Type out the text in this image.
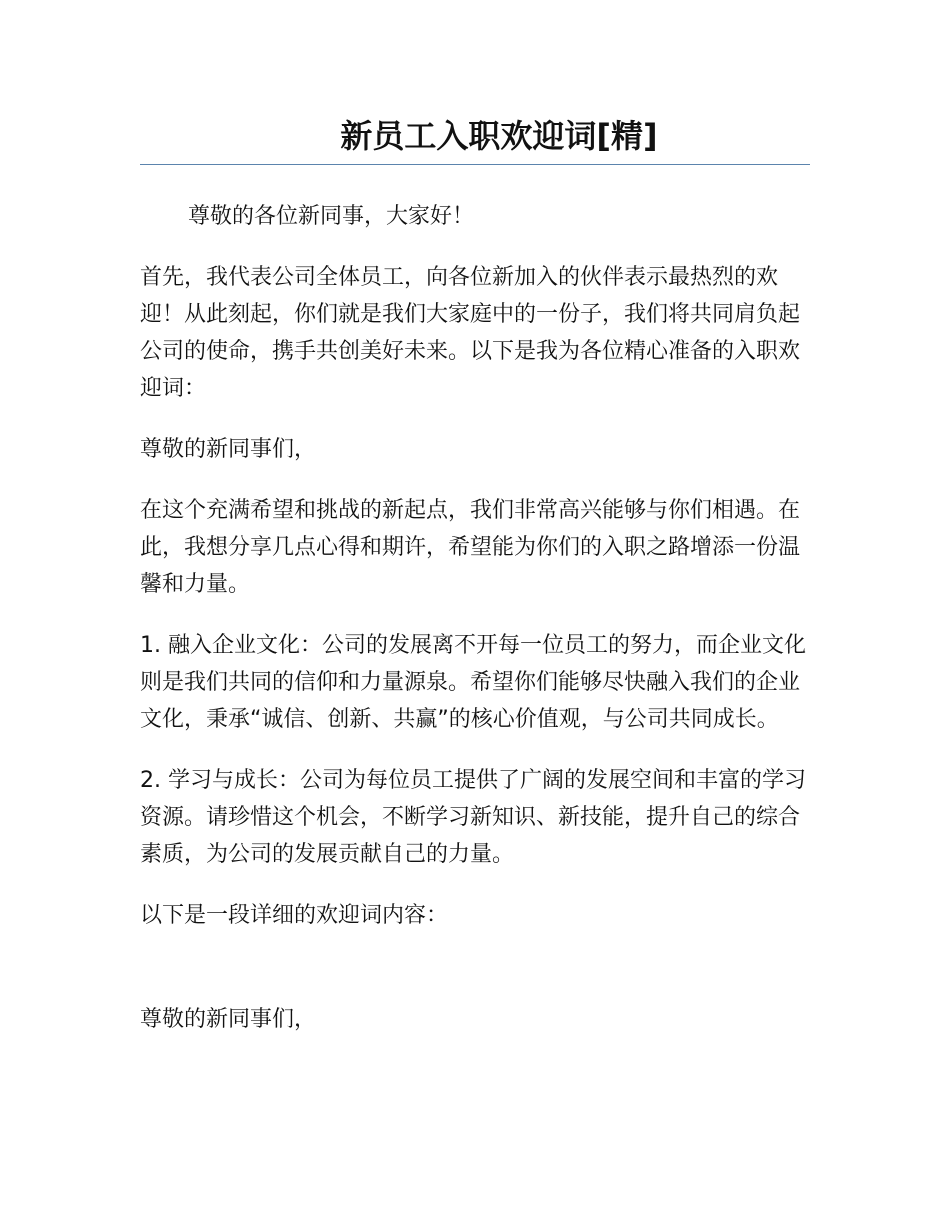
新员工入职欢迎词[精]

尊敬的各位新同事，大家好！

首先，我代表公司全体员工，向各位新加入的伙伴表示最热烈的欢迎！从此刻起，你们就是我们大家庭中的一份子，我们将共同肩负起公司的使命，携手共创美好未来。以下是我为各位精心准备的入职欢迎词：

尊敬的新同事们，

在这个充满希望和挑战的新起点，我们非常高兴能够与你们相遇。在此，我想分享几点心得和期许，希望能为你们的入职之路增添一份温馨和力量。

1. 融入企业文化：公司的发展离不开每一位员工的努力，而企业文化则是我们共同的信仰和力量源泉。希望你们能够尽快融入我们的企业文化，秉承“诚信、创新、共赢”的核心价值观，与公司共同成长。

2. 学习与成长：公司为每位员工提供了广阔的发展空间和丰富的学习资源。请珍惜这个机会，不断学习新知识、新技能，提升自己的综合素质，为公司的发展贡献自己的力量。

以下是一段详细的欢迎词内容：

尊敬的新同事们，
